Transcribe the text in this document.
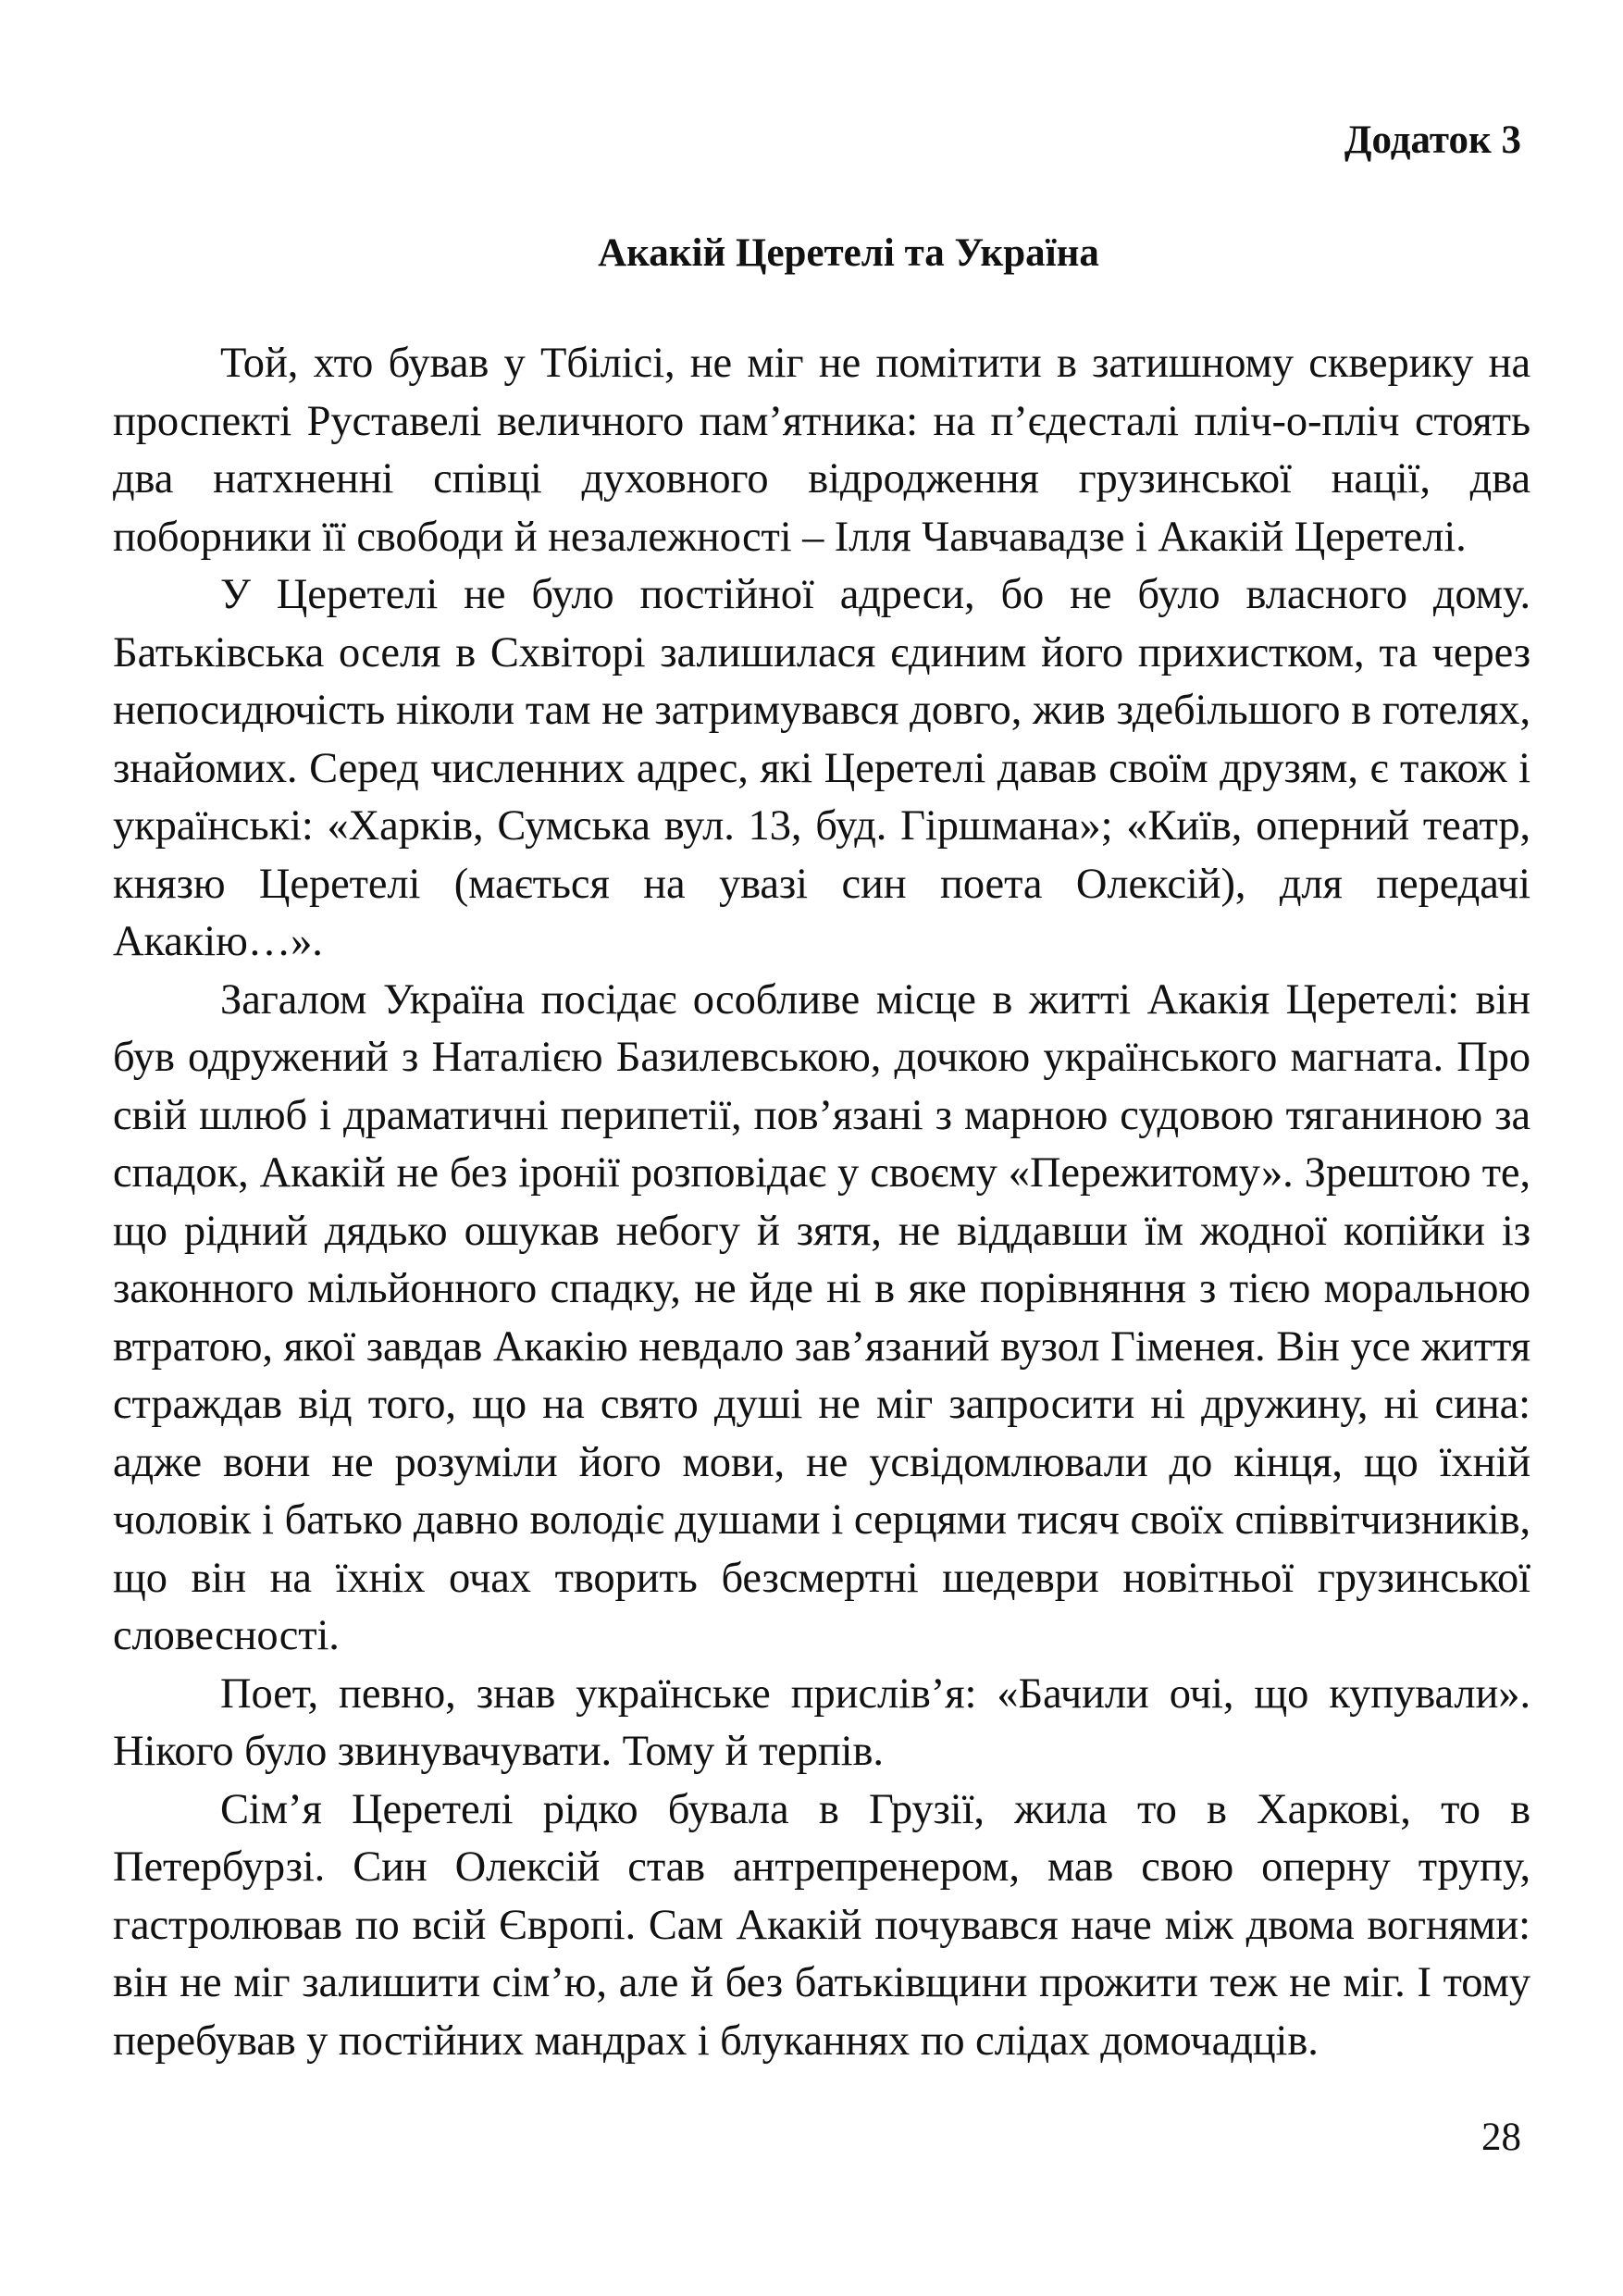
Додаток 3
Акакій Церетелі та Україна

Той, хто бував у Тбілісі, не міг не помітити в затишному скверику на проспекті Руставелі величного пам’ятника: на п’єдесталі пліч-о-пліч стоять два натхненні співці духовного відродження грузинської нації, два поборники її свободи й незалежності – Ілля Чавчавадзе і Акакій Церетелі.

У Церетелі не було постійної адреси, бо не було власного дому. Батьківська оселя в Схвіторі залишилася єдиним його прихистком, та через непосидючість ніколи там не затримувався довго, жив здебільшого в готелях, знайомих. Серед численних адрес, які Церетелі давав своїм друзям, є також і українські: «Харків, Сумська вул. 13, буд. Гіршмана»; «Київ, оперний театр, князю Церетелі (мається на увазі син поета Олексій), для передачі Акакію…».

Загалом Україна посідає особливе місце в житті Акакія Церетелі: він був одружений з Наталією Базилевською, дочкою українського магната. Про свій шлюб і драматичні перипетії, пов’язані з марною судовою тяганиною за спадок, Акакій не без іронії розповідає у своєму «Пережитому». Зрештою те, що рідний дядько ошукав небогу й зятя, не віддавши їм жодної копійки із законного мільйонного спадку, не йде ні в яке порівняння з тією моральною втратою, якої завдав Акакію невдало зав’язаний вузол Гіменея. Він усе життя страждав від того, що на свято душі не міг запросити ні дружину, ні сина: адже вони не розуміли його мови, не усвідомлювали до кінця, що їхній чоловік і батько давно володіє душами і серцями тисяч своїх співвітчизників, що він на їхніх очах творить безсмертні шедеври новітньої грузинської словесності.

Поет, певно, знав українське прислів’я: «Бачили очі, що купували». Нікого було звинувачувати. Тому й терпів.

Сім’я Церетелі рідко бувала в Грузії, жила то в Харкові, то в Петербурзі. Син Олексій став антрепренером, мав свою оперну трупу, гастролював по всій Європі. Сам Акакій почувався наче між двома вогнями: він не міг залишити сім’ю, але й без батьківщини прожити теж не міг. І тому перебував у постійних мандрах і блуканнях по слідах домочадців.

28
